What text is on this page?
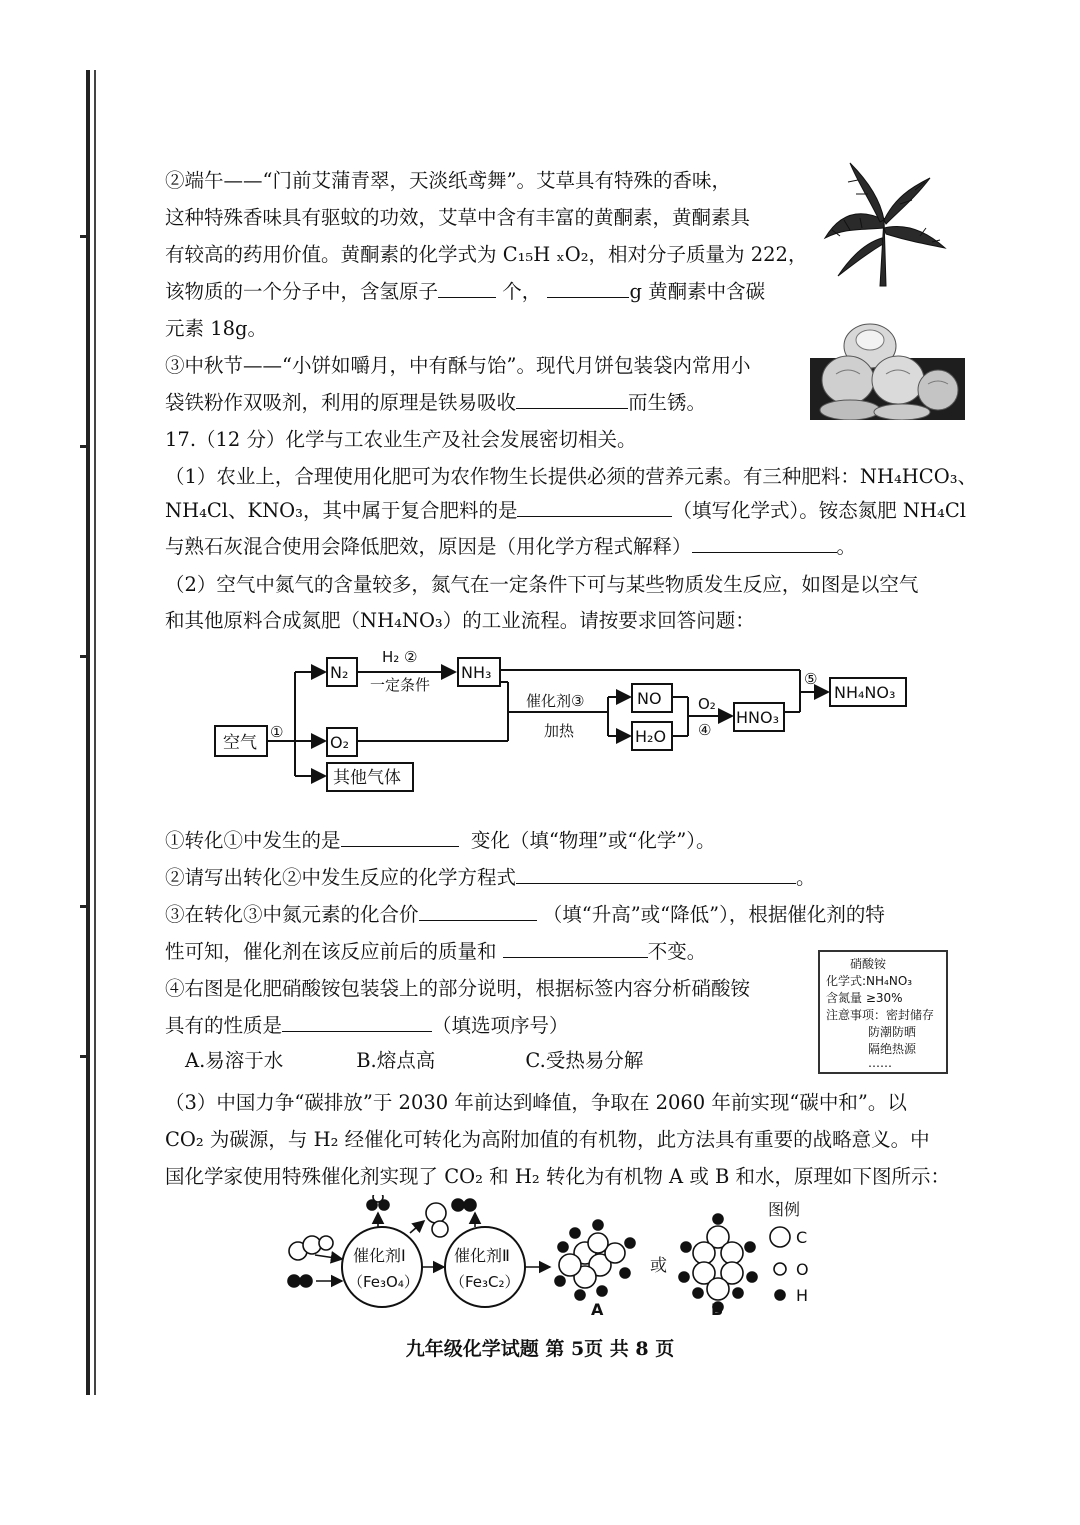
②端午——“门前艾蒲青翠，天淡纸鸢舞”。艾草具有特殊的香味，
这种特殊香味具有驱蚊的功效，艾草中含有丰富的黄酮素，黄酮素具
有较高的药用价值。黄酮素的化学式为 C₁₅H ₓO₂，相对分子质量为 222，
该物质的一个分子中，含氢原子	个，	g 黄酮素中含碳
元素 18g。
③中秋节——“小饼如嚼月，中有酥与饴”。现代月饼包装袋内常用小
袋铁粉作双吸剂，利用的原理是铁易吸收	而生锈。
17.（12 分）化学与工农业生产及社会发展密切相关。
（1）农业上，合理使用化肥可为农作物生长提供必须的营养元素。有三种肥料：NH₄HCO₃、
NH₄Cl、KNO₃，其中属于复合肥料的是	（填写化学式）。铵态氮肥 NH₄Cl
与熟石灰混合使用会降低肥效，原因是（用化学方程式解释）	。
（2）空气中氮气的含量较多，氮气在一定条件下可与某些物质发生反应，如图是以空气
和其他原料合成氮肥（NH₄NO₃）的工业流程。请按要求回答问题：
空气
①
N₂
O₂
其他气体
H₂ ②
一定条件
NH₃
催化剂③
加热
NO
H₂O
O₂
④
HNO₃
⑤
NH₄NO₃
①转化①中发生的是	变化（填“物理”或“化学”）。
②请写出转化②中发生反应的化学方程式	。
③在转化③中氮元素的化合价	（填“升高”或“降低”），根据催化剂的特
性可知，催化剂在该反应前后的质量和	不变。
④右图是化肥硝酸铵包装袋上的部分说明，根据标签内容分析硝酸铵
具有的性质是	（填选项序号）
A.易溶于水	B.熔点高	C.受热易分解
硝酸铵
化学式:NH₄NO₃
含氮量 ≥30%
注意事项：密封储存
防潮防晒
隔绝热源
……
（3）中国力争“碳排放”于 2030 年前达到峰值，争取在 2060 年前实现“碳中和”。以
CO₂ 为碳源，与 H₂ 经催化可转化为高附加值的有机物，此方法具有重要的战略意义。中
国化学家使用特殊催化剂实现了 CO₂ 和 H₂ 转化为有机物 A 或 B 和水，原理如下图所示：
催化剂Ⅰ
（Fe₃O₄）
催化剂Ⅱ
（Fe₃C₂）
或
A	B
图例
C
O
H
九年级化学试题 第 5页 共 8 页
